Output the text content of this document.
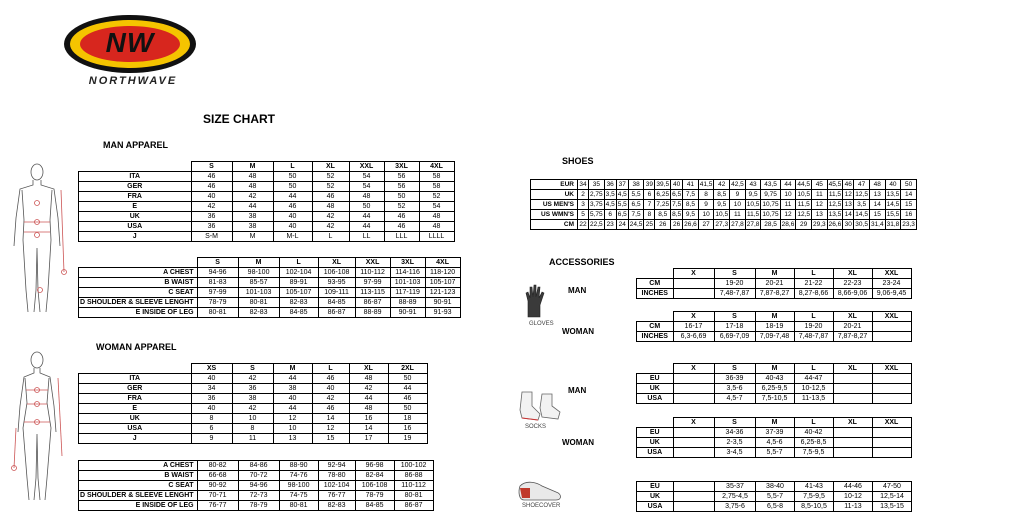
NW
NORTHWAVE
SIZE CHART
MAN APPAREL
	S	M	L	XL	XXL	3XL	4XL
ITA	46	48	50	52	54	56	58
GER	46	48	50	52	54	56	58
FRA	40	42	44	46	48	50	52
E	42	44	46	48	50	52	54
UK	36	38	40	42	44	46	48
USA	36	38	40	42	44	46	48
J	S-M	M	M-L	L	LL	LLL	LLLL
	S	M	L	XL	XXL	3XL	4XL
A CHEST	94-96	98-100	102-104	106-108	110-112	114-116	118-120
B WAIST	81-83	85-57	89-91	93-95	97-99	101-103	105-107
C SEAT	97-99	101-103	105-107	109-111	113-115	117-119	121-123
D SHOULDER & SLEEVE LENGHT	78-79	80-81	82-83	84-85	86-87	88-89	90-91
E INSIDE OF LEG	80-81	82-83	84-85	86-87	88-89	90-91	91-93
WOMAN APPAREL
	XS	S	M	L	XL	2XL
ITA	40	42	44	46	48	50
GER	34	36	38	40	42	44
FRA	36	38	40	42	44	46
E	40	42	44	46	48	50
UK	8	10	12	14	16	18
USA	6	8	10	12	14	16
J	9	11	13	15	17	19
A CHEST	80-82	84-86	88-90	92-94	96-98	100-102
B WAIST	66-68	70-72	74-76	78-80	82-84	86-88
C SEAT	90-92	94-96	98-100	102-104	106-108	110-112
D SHOULDER & SLEEVE LENGHT	70-71	72-73	74-75	76-77	78-79	80-81
E INSIDE OF LEG	76-77	78-79	80-81	82-83	84-85	86-87
SHOES
EUR	34	35	36	37	38	39	39,5	40	41	41,5	42	42,5	43	43,5	44	44,5	45	45,5	46	47	48	40	50
UK	2	2,75	3,5	4,5	5,5	6	6,25	6,5	7,5	8	8,5	9	9,5	9,75	10	10,5	11	11,5	12	12,5	13	13,5	14
US MEN'S	3	3,75	4,5	5,5	6,5	7	7,25	7,5	8,5	9	9,5	10	10,5	10,75	11	11,5	12	12,5	13	3,5	14	14,5	15
US WMN'S	5	5,75	6	6,5	7,5	8	8,5	8,5	9,5	10	10,5	11	11,5	10,75	12	12,5	13	13,5	14	14,5	15	15,5	16
CM	22	22,5	23	24	24,5	25	26	26	26,6	27	27,3	27,8	27,8	28,5	28,6	29	29,3	26,6	30	30,5	31,4	31,8	23,3
ACCESSORIES
GLOVES
MAN
WOMAN
	X	S	M	L	XL	XXL
CM		19-20	20-21	21-22	22-23	23-24
INCHES		7,48-7,87	7,87-8,27	8,27-8,66	8,66-9,06	9,06-9,45
	X	S	M	L	XL	XXL
CM	16-17	17-18	18-19	19-20	20-21	
INCHES	6,3-6,69	6,69-7,09	7,09-7,48	7,48-7,87	7,87-8,27	
SOCKS
MAN
WOMAN
	X	S	M	L	XL	XXL
EU		36-39	40-43	44-47		
UK		3,5-6	6,25-9,5	10-12,5		
USA		4,5-7	7,5-10,5	11-13,5		
	X	S	M	L	XL	XXL
EU		34-36	37-39	40-42		
UK		2-3,5	4,5-6	6,25-8,5		
USA		3-4,5	5,5-7	7,5-9,5		
SHOECOVER
EU		35-37	38-40	41-43	44-46	47-50
UK		2,75-4,5	5,5-7	7,5-9,5	10-12	12,5-14
USA		3,75-6	6,5-8	8,5-10,5	11-13	13,5-15
